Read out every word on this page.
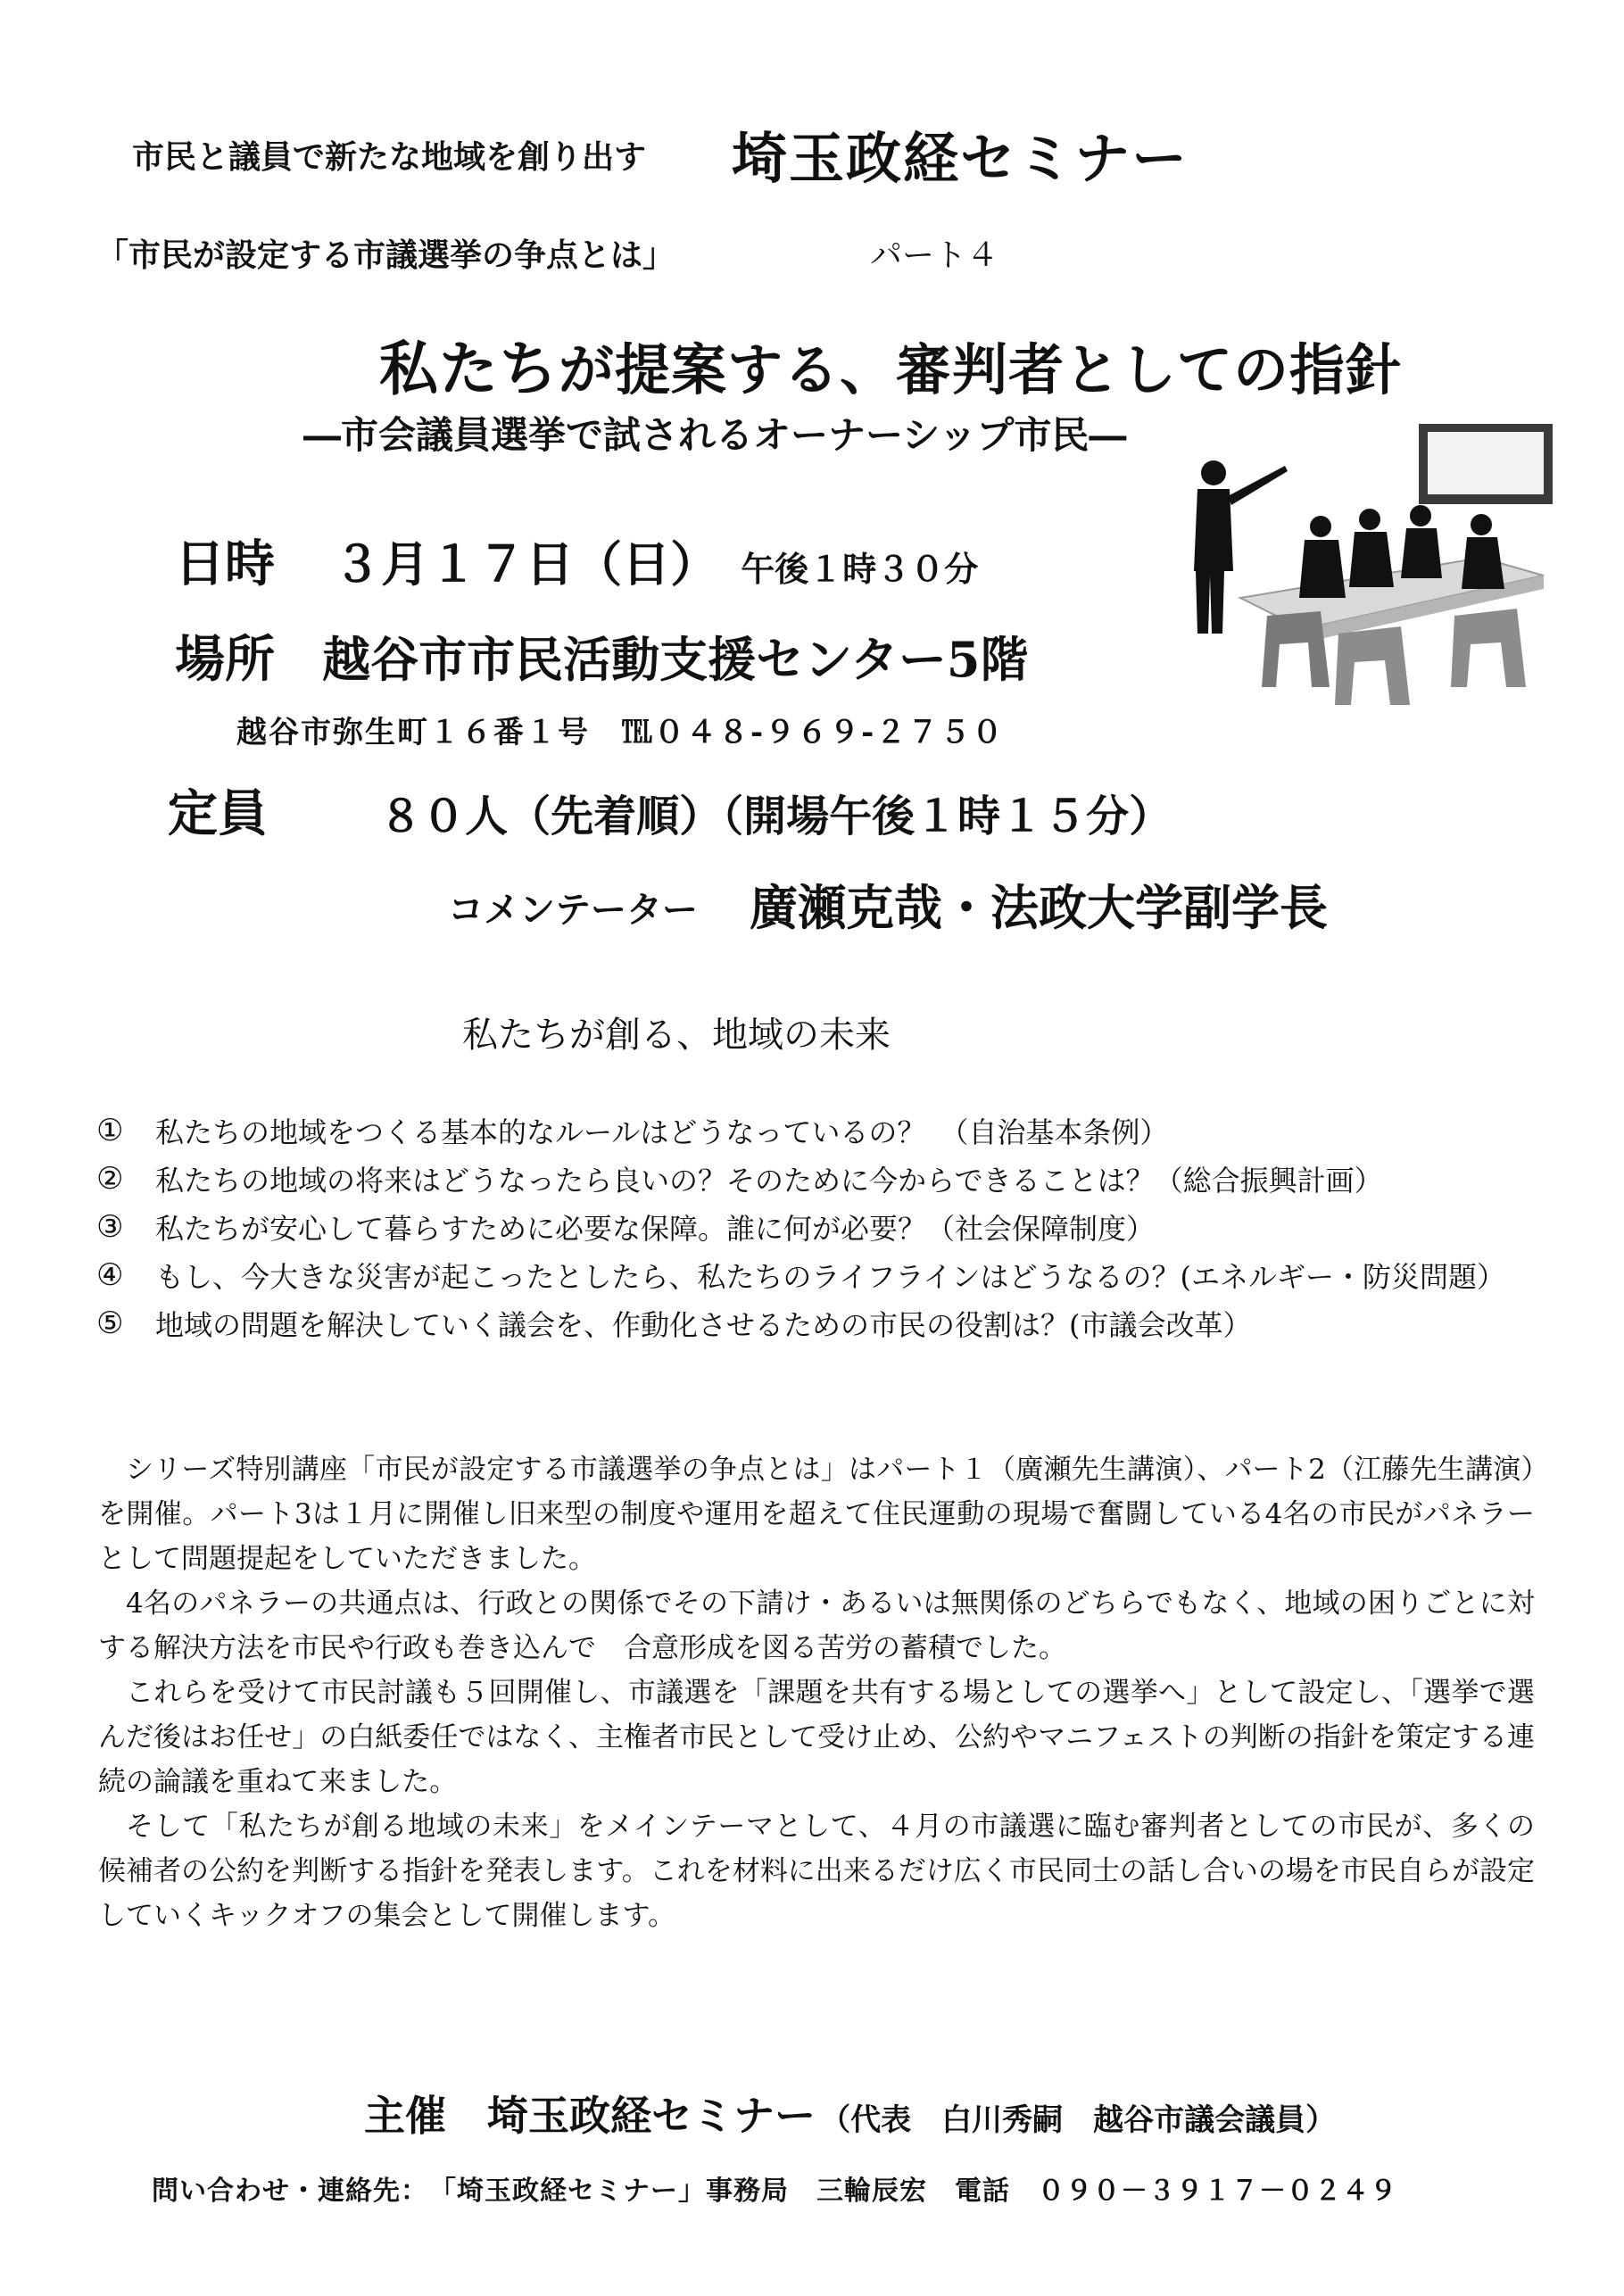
市民と議員で新たな地域を創り出す 埼玉政経セミナー
「市民が設定する市議選挙の争点とは」	パート４
私たちが提案する、審判者としての指針
―市会議員選挙で試されるオーナーシップ市民―
日時 ３月１７日（日） 午後１時３０分
場所 越谷市市民活動支援センター5階
越谷市弥生町１６番１号　℡０４８-９６９-２７５０
定員	８０人（先着順）（開場午後１時１５分）
コメンテーター 廣瀬克哉・法政大学副学長
私たちが創る、地域の未来
①	私たちの地域をつくる基本的なルールはどうなっているの？　（自治基本条例）
②	私たちの地域の将来はどうなったら良いの？そのために今からできることは？（総合振興計画）
③	私たちが安心して暮らすために必要な保障。誰に何が必要？（社会保障制度）
④	もし、今大きな災害が起こったとしたら、私たちのライフラインはどうなるの？(エネルギー・防災問題）
⑤	地域の問題を解決していく議会を、作動化させるための市民の役割は？(市議会改革）

シリーズ特別講座「市民が設定する市議選挙の争点とは」はパート１（廣瀬先生講演）、パート2（江藤先生講演）を開催。パート3は１月に開催し旧来型の制度や運用を超えて住民運動の現場で奮闘している4名の市民がパネラーとして問題提起をしていただきました。

4名のパネラーの共通点は、行政との関係でその下請け・あるいは無関係のどちらでもなく、地域の困りごとに対する解決方法を市民や行政も巻き込んで　合意形成を図る苦労の蓄積でした。

これらを受けて市民討議も５回開催し、市議選を「課題を共有する場としての選挙へ」として設定し、「選挙で選んだ後はお任せ」の白紙委任ではなく、主権者市民として受け止め、公約やマニフェストの判断の指針を策定する連続の論議を重ねて来ました。

そして「私たちが創る地域の未来」をメインテーマとして、４月の市議選に臨む審判者としての市民が、多くの候補者の公約を判断する指針を発表します。これを材料に出来るだけ広く市民同士の話し合いの場を市民自らが設定していくキックオフの集会として開催します。

主催　埼玉政経セミナー （代表　白川秀嗣　越谷市議会議員）
問い合わせ・連絡先：　「埼玉政経セミナー」事務局　三輪辰宏　電話　０９０－３９１７－０２４９
